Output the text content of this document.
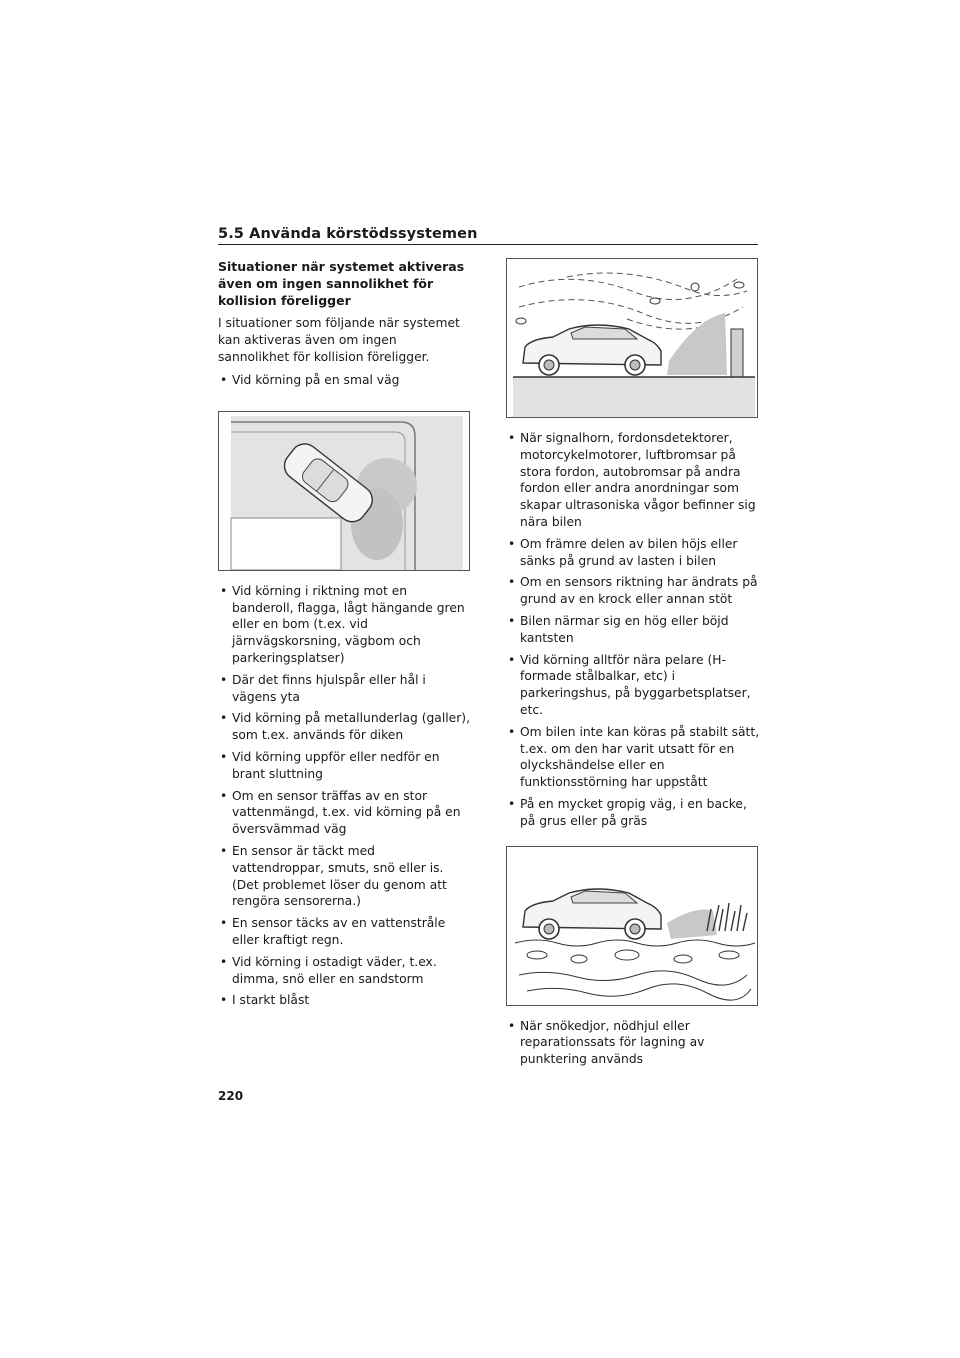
5.5 Använda körstödssystemen

Situationer när systemet aktiveras även om ingen sannolikhet för kollision föreligger

I situationer som följande när systemet kan aktiveras även om ingen sannolikhet för kollision föreligger.

• Vid körning på en smal väg
• Vid körning i riktning mot en banderoll, flagga, lågt hängande gren eller en bom (t.ex. vid järnvägskorsning, vägbom och parkeringsplatser)
• Där det finns hjulspår eller hål i vägens yta
• Vid körning på metallunderlag (galler), som t.ex. används för diken
• Vid körning uppför eller nedför en brant sluttning
• Om en sensor träffas av en stor vattenmängd, t.ex. vid körning på en översvämmad väg
• En sensor är täckt med vattendroppar, smuts, snö eller is. (Det problemet löser du genom att rengöra sensorerna.)
• En sensor täcks av en vattenstråle eller kraftigt regn.
• Vid körning i ostadigt väder, t.ex. dimma, snö eller en sandstorm
• I starkt blåst
• När signalhorn, fordonsdetektorer, motorcykelmotorer, luftbromsar på stora fordon, autobromsar på andra fordon eller andra anordningar som skapar ultrasoniska vågor befinner sig nära bilen
• Om främre delen av bilen höjs eller sänks på grund av lasten i bilen
• Om en sensors riktning har ändrats på grund av en krock eller annan stöt
• Bilen närmar sig en hög eller böjd kantsten
• Vid körning alltför nära pelare (H-formade stålbalkar, etc) i parkeringshus, på byggarbetsplatser, etc.
• Om bilen inte kan köras på stabilt sätt, t.ex. om den har varit utsatt för en olyckshändelse eller en funktionsstörning har uppstått
• På en mycket gropig väg, i en backe, på grus eller på gräs
• När snökedjor, nödhjul eller reparationssats för lagning av punktering används
220
